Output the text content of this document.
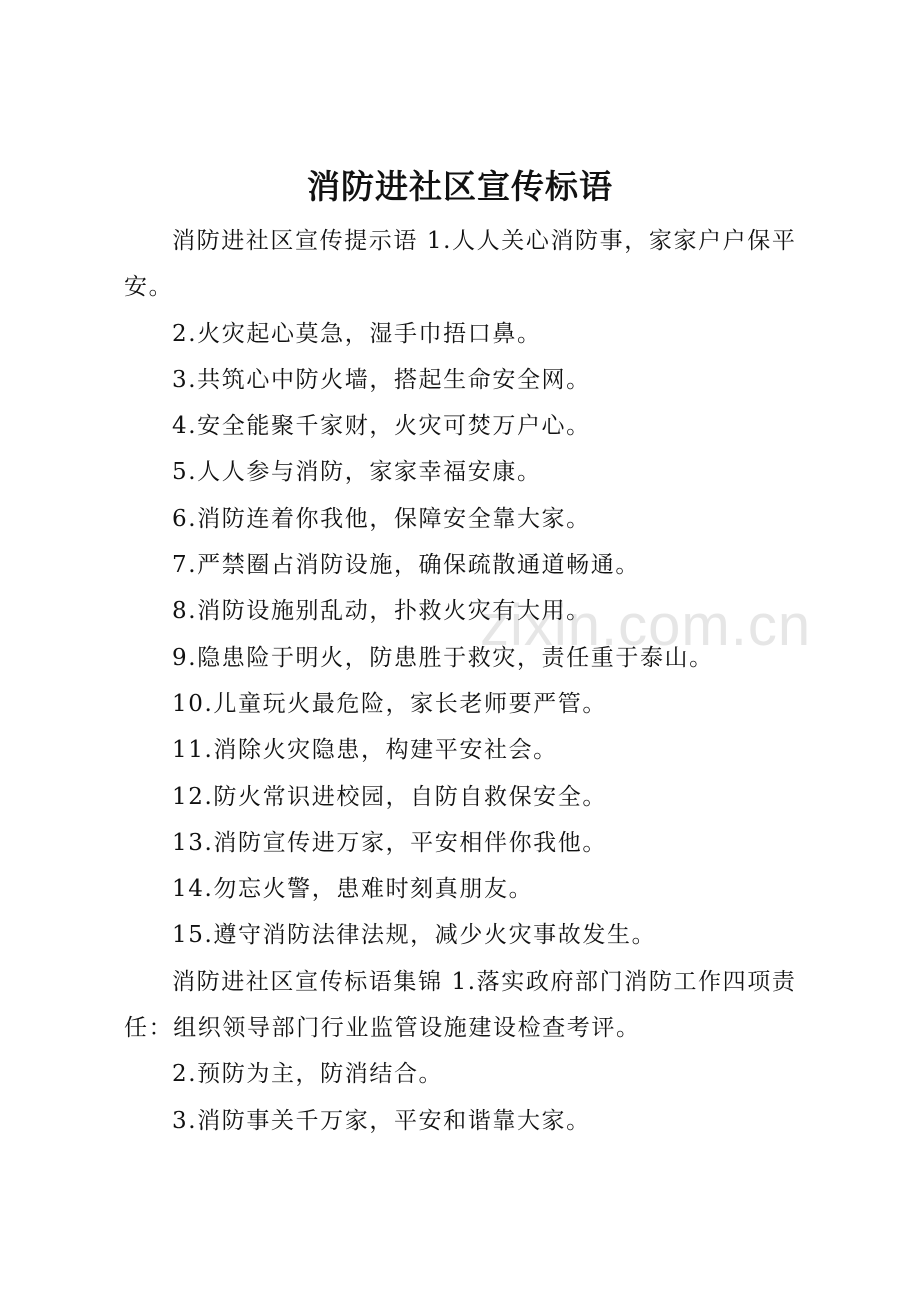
zixin.com.cn
消防进社区宣传标语

消防进社区宣传提示语 1.人人关心消防事，家家户户保平安。

2.火灾起心莫急，湿手巾捂口鼻。

3.共筑心中防火墙，搭起生命安全网。

4.安全能聚千家财，火灾可焚万户心。

5.人人参与消防，家家幸福安康。

6.消防连着你我他，保障安全靠大家。

7.严禁圈占消防设施，确保疏散通道畅通。

8.消防设施别乱动，扑救火灾有大用。

9.隐患险于明火，防患胜于救灾，责任重于泰山。

10.儿童玩火最危险，家长老师要严管。

11.消除火灾隐患，构建平安社会。

12.防火常识进校园，自防自救保安全。

13.消防宣传进万家，平安相伴你我他。

14.勿忘火警，患难时刻真朋友。

15.遵守消防法律法规，减少火灾事故发生。

消防进社区宣传标语集锦 1.落实政府部门消防工作四项责任：组织领导部门行业监管设施建设检查考评。

2.预防为主，防消结合。

3.消防事关千万家，平安和谐靠大家。
